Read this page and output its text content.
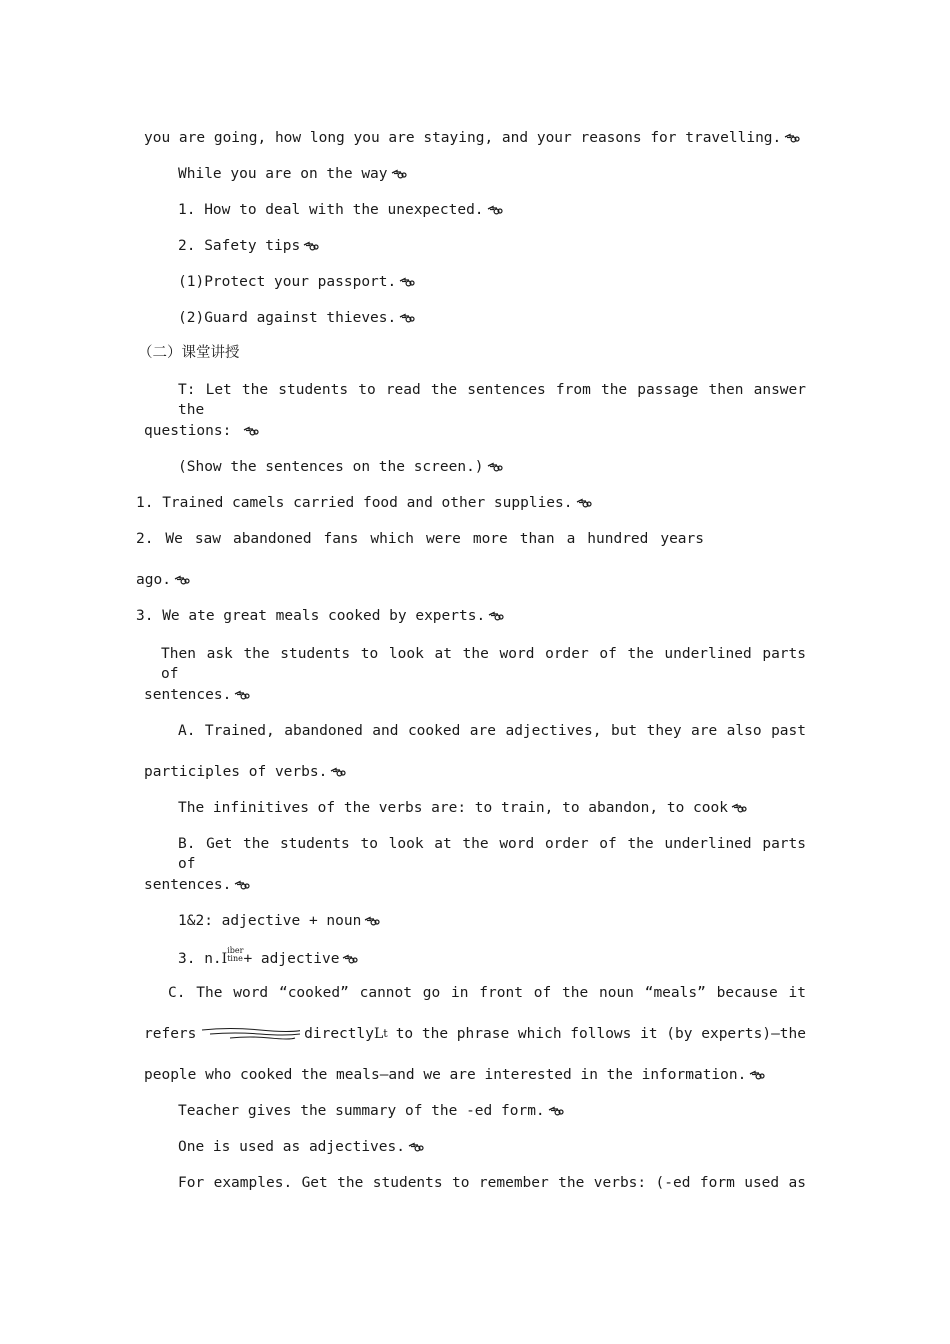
you are going, how long you are staying, and your reasons for travelling.
While you are on the way
1. How to deal with the unexpected.
2. Safety tips
(1)Protect your passport.
(2)Guard against thieves.
（二）课堂讲授
T: Let the students to read the sentences from the passage then answer the
questions:
(Show the sentences on the screen.)
1. Trained camels carried food and other supplies.
2. We saw abandoned fans which were more than a hundred years
ago.
3. We ate great meals cooked by experts.
Then ask the students to look at the word order of the underlined parts of
sentences.
A. Trained, abandoned and cooked are adjectives, but they are also past
participles of verbs.
The infinitives of the verbs are: to train, to abandon, to cook
B. Get the students to look at the word order of the underlined parts of
sentences.
1&2: adjective + noun
3. n.Iiber
tine+ adjective
C. The word “cooked” cannot go in front of the noun “meals” because it
refers	directly L t to the phrase which follows it (by experts)—the
people who cooked the meals—and we are interested in the information.
Teacher gives the summary of the -ed form.
One is used as adjectives.
For examples. Get the students to remember the verbs: (-ed form used as
